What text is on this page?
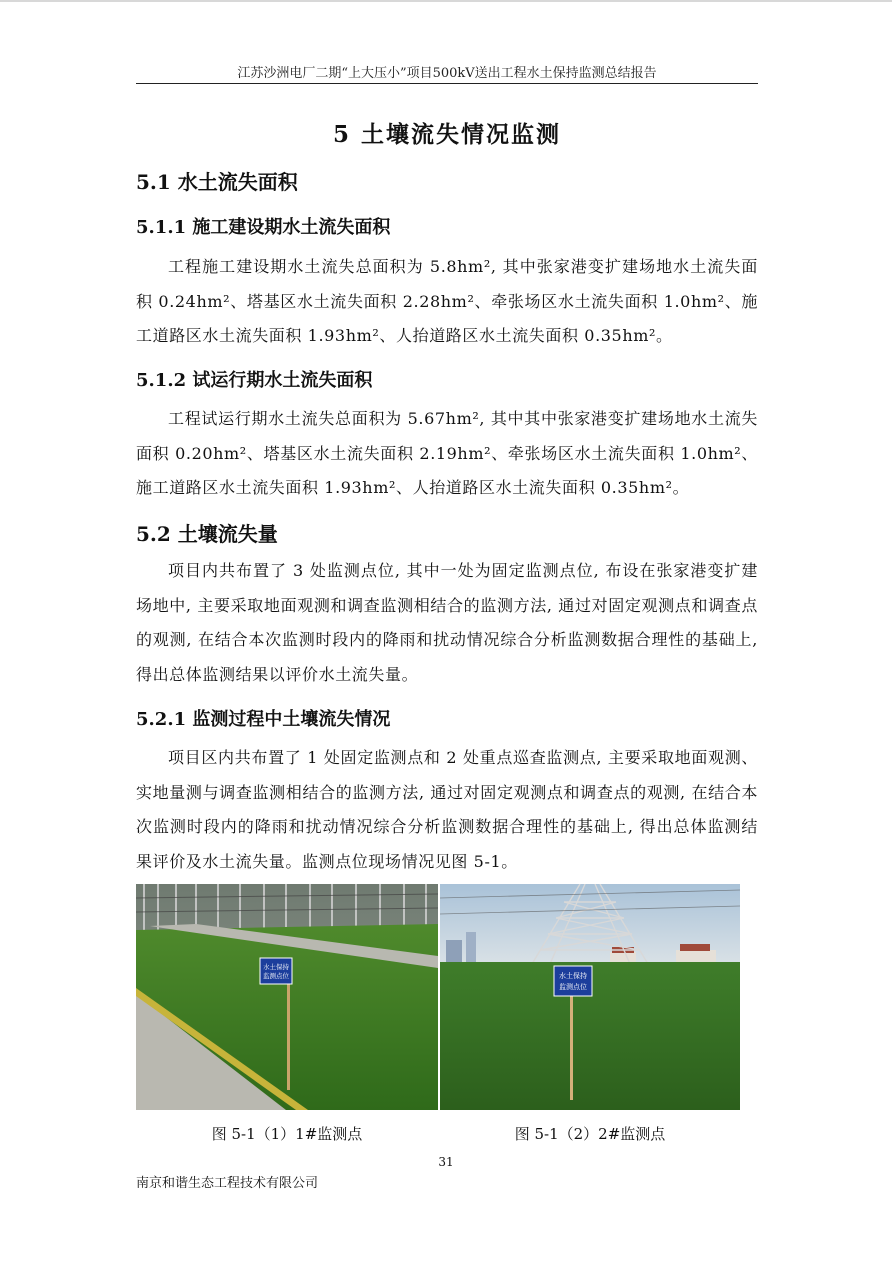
江苏沙洲电厂二期“上大压小”项目500kV送出工程水土保持监测总结报告
5 土壤流失情况监测
5.1 水土流失面积
5.1.1 施工建设期水土流失面积
工程施工建设期水土流失总面积为 5.8hm², 其中张家港变扩建场地水土流失面积 0.24hm²、塔基区水土流失面积 2.28hm²、牵张场区水土流失面积 1.0hm²、施工道路区水土流失面积 1.93hm²、人抬道路区水土流失面积 0.35hm²。
5.1.2 试运行期水土流失面积
工程试运行期水土流失总面积为 5.67hm², 其中其中张家港变扩建场地水土流失面积 0.20hm²、塔基区水土流失面积 2.19hm²、牵张场区水土流失面积 1.0hm²、施工道路区水土流失面积 1.93hm²、人抬道路区水土流失面积 0.35hm²。
5.2 土壤流失量
项目内共布置了 3 处监测点位, 其中一处为固定监测点位, 布设在张家港变扩建场地中, 主要采取地面观测和调查监测相结合的监测方法, 通过对固定观测点和调查点的观测, 在结合本次监测时段内的降雨和扰动情况综合分析监测数据合理性的基础上, 得出总体监测结果以评价水土流失量。
5.2.1 监测过程中土壤流失情况
项目区内共布置了 1 处固定监测点和 2 处重点巡查监测点, 主要采取地面观测、实地量测与调查监测相结合的监测方法, 通过对固定观测点和调查点的观测, 在结合本次监测时段内的降雨和扰动情况综合分析监测数据合理性的基础上, 得出总体监测结果评价及水土流失量。监测点位现场情况见图 5-1。
水土保持
监测点位	水土保持
监测点位
图 5-1（1）1#监测点	图 5-1（2）2#监测点
31
南京和谐生态工程技术有限公司
